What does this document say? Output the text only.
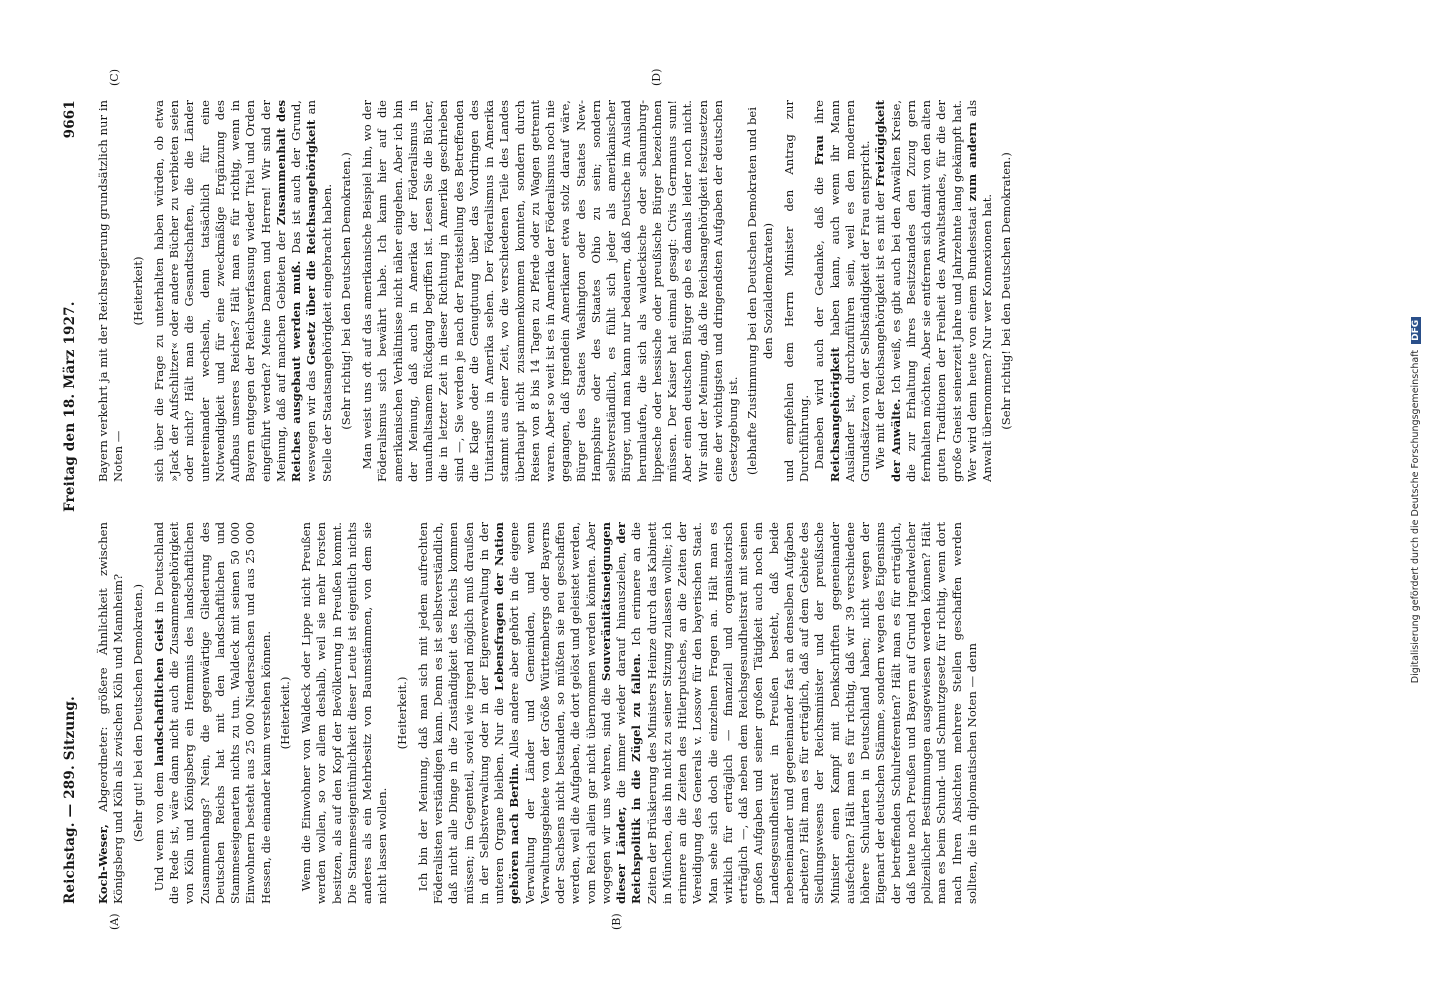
Reichstag. — 289. Sitzung.
Freitag den 18. März 1927.
9661
(A)	(B)
(C)	(D)

Koch-Weser, Abgeordneter: größere Ähnlichkeit zwischen Königsberg und Köln als zwischen Köln und Mannheim? (Sehr gut! bei den Deutschen Demokraten.) Und wenn von dem landschaftlichen Geist in Deutschland die Rede ist, wäre dann nicht auch die Zusammengehörigkeit von Köln und Königsberg ein Hemmnis des landschaftlichen Zusammenhangs? Nein, die gegenwärtige Gliederung des Deutschen Reichs hat mit den landschaftlichen und Stammeseigenarten nichts zu tun. Waldeck mit seinen 50 000 Einwohnern besteht aus 25 000 Niedersachsen und aus 25 000 Hessen, die einander kaum verstehen können. (Heiterkeit.) Wenn die Einwohner von Waldeck oder Lippe nicht Preußen werden wollen, so vor allem deshalb, weil sie mehr Forsten besitzen, als auf den Kopf der Bevölkerung in Preußen kommt. Die Stammeseigentümlichkeit dieser Leute ist eigentlich nichts anderes als ein Mehrbesitz von Baumstämmen, von dem sie nicht lassen wollen.

(Heiterkeit.) Ich bin der Meinung, daß man sich mit jedem aufrechten Föderalisten verständigen kann. Denn es ist selbstverständlich, daß nicht alle Dinge in die Zuständigkeit des Reichs kommen müssen; im Gegenteil, soviel wie irgend möglich muß draußen in der Selbstverwaltung oder in der Eigenverwaltung in der unteren Organe bleiben. Nur die Lebensfragen der Nation gehören nach Berlin. Alles andere aber gehört in die eigene Verwaltung der Länder und Gemeinden, und wenn Verwaltungsgebiete von der Größe Württembergs oder Bayerns oder Sachsens nicht bestanden, so müßten sie neu geschaffen werden, weil die Aufgaben, die dort gelöst und geleistet werden, vom Reich allein gar nicht übernommen werden könnten. Aber wogegen wir uns wehren, sind die Souveränitätsneigungen dieser Länder, die immer wieder darauf hinauszielen, der Reichspolitik in die Zügel zu fallen. Ich erinnere an die Zeiten der Brüskierung des Ministers Heinze durch das Kabinett in München, das ihn nicht zu seiner Sitzung zulassen wollte; ich erinnere an die Zeiten des Hitlerputsches, an die Zeiten der Vereidigung des Generals v. Lossow für den bayerischen Staat. Man sehe sich doch die einzelnen Fragen an. Hält man es wirklich für erträglich — finanziell und organisatorisch erträglich —, daß neben dem Reichsgesundheitsrat mit seinen großen Aufgaben und seiner großen Tätigkeit auch noch ein Landesgesundheitsrat in Preußen besteht, daß beide nebeneinander und gegeneinander fast an denselben Aufgaben arbeiten? Hält man es für erträglich, daß auf dem Gebiete des Siedlungswesens der Reichsminister und der preußische Minister einen Kampf mit Denkschriften gegeneinander ausfechten? Hält man es für richtig, daß wir 39 verschiedene höhere Schularten in Deutschland haben; nicht wegen der Eigenart der deutschen Stämme, sondern wegen des Eigensinns der betreffenden Schulreferenten? Hält man es für erträglich, daß heute noch Preußen und Bayern auf Grund irgendwelcher polizeilicher Bestimmungen ausgewiesen werden können? Hält man es beim Schund- und Schmutzgesetz für richtig, wenn dort nach Ihren Absichten mehrere Stellen geschaffen werden sollten, die in diplomatischen Noten — denn

Bayern verkehrt ja mit der Reichsregierung grundsätzlich nur in Noten —

(Heiterkeit) sich über die Frage zu unterhalten haben würden, ob etwa »Jack der Aufschlitzer« oder andere Bücher zu verbieten seien oder nicht? Hält man die Gesandtschaften, die die Länder untereinander wechseln, denn tatsächlich für eine Notwendigkeit und für eine zweckmäßige Ergänzung des Aufbaus unseres Reiches? Hält man es für richtig, wenn in Bayern entgegen der Reichsverfassung wieder Titel und Orden eingeführt werden? Meine Damen und Herren! Wir sind der Meinung, daß auf manchen Gebieten der Zusammenhalt des Reiches ausgebaut werden muß. Das ist auch der Grund, weswegen wir das Gesetz über die Reichsangehörigkeit an Stelle der Staatsangehörigkeit eingebracht haben. (Sehr richtig! bei den Deutschen Demokraten.) Man weist uns oft auf das amerikanische Beispiel hin, wo der Föderalismus sich bewährt habe. Ich kann hier auf die amerikanischen Verhältnisse nicht näher eingehen. Aber ich bin der Meinung, daß auch in Amerika der Föderalismus in unaufhaltsamem Rückgang begriffen ist. Lesen Sie die Bücher, die in letzter Zeit in dieser Richtung in Amerika geschrieben sind —, Sie werden je nach der Parteistellung des Betreffenden die Klage oder die Genugtuung über das Vordringen des Unitarismus in Amerika sehen. Der Föderalismus in Amerika stammt aus einer Zeit, wo die verschiedenen Teile des Landes überhaupt nicht zusammenkommen konnten, sondern durch Reisen von 8 bis 14 Tagen zu Pferde oder zu Wagen getrennt waren. Aber so weit ist es in Amerika der Föderalismus noch nie gegangen, daß irgendein Amerikaner etwa stolz darauf wäre, Bürger des Staates Washington oder des Staates New-Hampshire oder des Staates Ohio zu sein; sondern selbstverständlich, es fühlt sich jeder als amerikanischer Bürger, und man kann nur bedauern, daß Deutsche im Ausland herumlaufen, die sich als waldeckische oder schaumburg-lippesche oder hessische oder preußische Bürger bezeichnen müssen. Der Kaiser hat einmal gesagt: Civis Germanus sum! Aber einen deutschen Bürger gab es damals leider noch nicht. Wir sind der Meinung, daß die Reichsangehörigkeit festzusetzen eine der wichtigsten und dringendsten Aufgaben der deutschen Gesetzgebung ist. (lebhafte Zustimmung bei den Deutschen Demokraten und bei den Sozialdemokraten) und empfehlen dem Herrn Minister den Antrag zur Durchführung. Daneben wird auch der Gedanke, daß die Frau ihre Reichsangehörigkeit haben kann, auch wenn ihr Mann Ausländer ist, durchzuführen sein, weil es den modernen Grundsätzen von der Selbständigkeit der Frau entspricht. Wie mit der Reichsangehörigkeit ist es mit der Freizügigkeit der Anwälte. Ich weiß, es gibt auch bei den Anwälten Kreise, die zur Erhaltung ihres Besitzstandes den Zuzug gern fernhalten möchten. Aber sie entfernen sich damit von den alten guten Traditionen der Freiheit des Anwaltstandes, für die der große Gneist seinerzeit Jahre und Jahrzehnte lang gekämpft hat. Wer wird denn heute von einem Bundesstaat zum andern als Anwalt übernommen? Nur wer Konnexionen hat. (Sehr richtig! bei den Deutschen Demokraten.)

Digitalisierung gefördert durch die Deutsche Forschungsgemeinschaft DFG
